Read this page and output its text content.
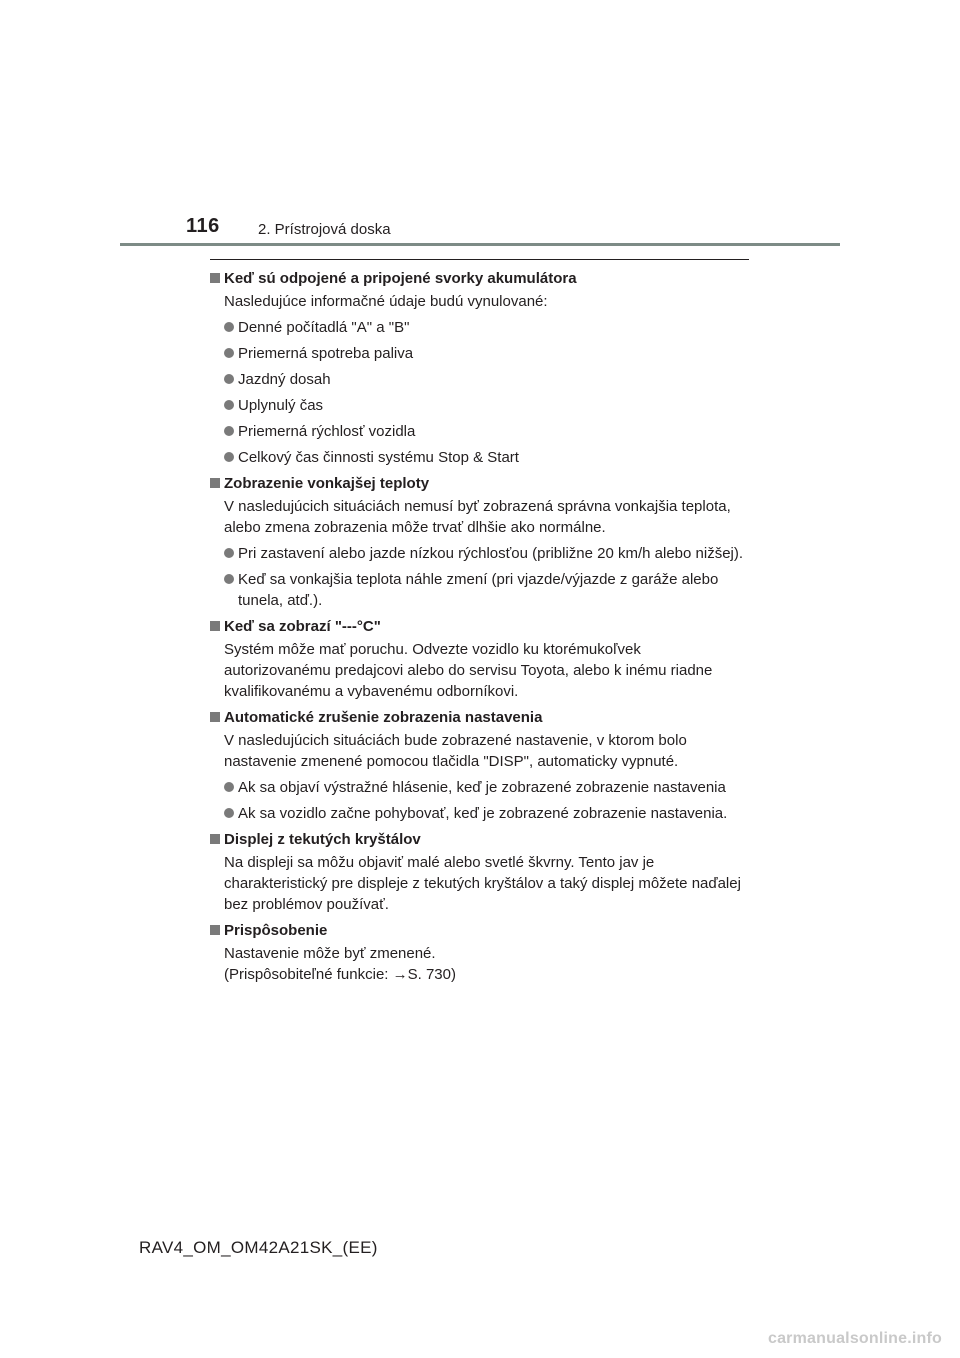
116	2. Prístrojová doska
Keď sú odpojené a pripojené svorky akumulátora
Nasledujúce informačné údaje budú vynulované:
Denné počítadlá "A" a "B"
Priemerná spotreba paliva
Jazdný dosah
Uplynulý čas
Priemerná rýchlosť vozidla
Celkový čas činnosti systému Stop & Start
Zobrazenie vonkajšej teploty
V nasledujúcich situáciách nemusí byť zobrazená správna vonkajšia teplota, alebo zmena zobrazenia môže trvať dlhšie ako normálne.
Pri zastavení alebo jazde nízkou rýchlosťou (približne 20 km/h alebo nižšej).
Keď sa vonkajšia teplota náhle zmení (pri vjazde/výjazde z garáže alebo tunela, atď.).
Keď sa zobrazí "---°C"
Systém môže mať poruchu. Odvezte vozidlo ku ktorémukoľvek autorizovanému predajcovi alebo do servisu Toyota, alebo k inému riadne kvalifikovanému a vybavenému odborníkovi.
Automatické zrušenie zobrazenia nastavenia
V nasledujúcich situáciách bude zobrazené nastavenie, v ktorom bolo nastavenie zmenené pomocou tlačidla "DISP", automaticky vypnuté.
Ak sa objaví výstražné hlásenie, keď je zobrazené zobrazenie nastavenia
Ak sa vozidlo začne pohybovať, keď je zobrazené zobrazenie nastavenia.
Displej z tekutých kryštálov
Na displeji sa môžu objaviť malé alebo svetlé škvrny. Tento jav je charakteristický pre displeje z tekutých kryštálov a taký displej môžete naďalej bez problémov používať.
Prispôsobenie
Nastavenie môže byť zmenené.
(Prispôsobiteľné funkcie: →S. 730)
RAV4_OM_OM42A21SK_(EE)
carmanualsonline.info
